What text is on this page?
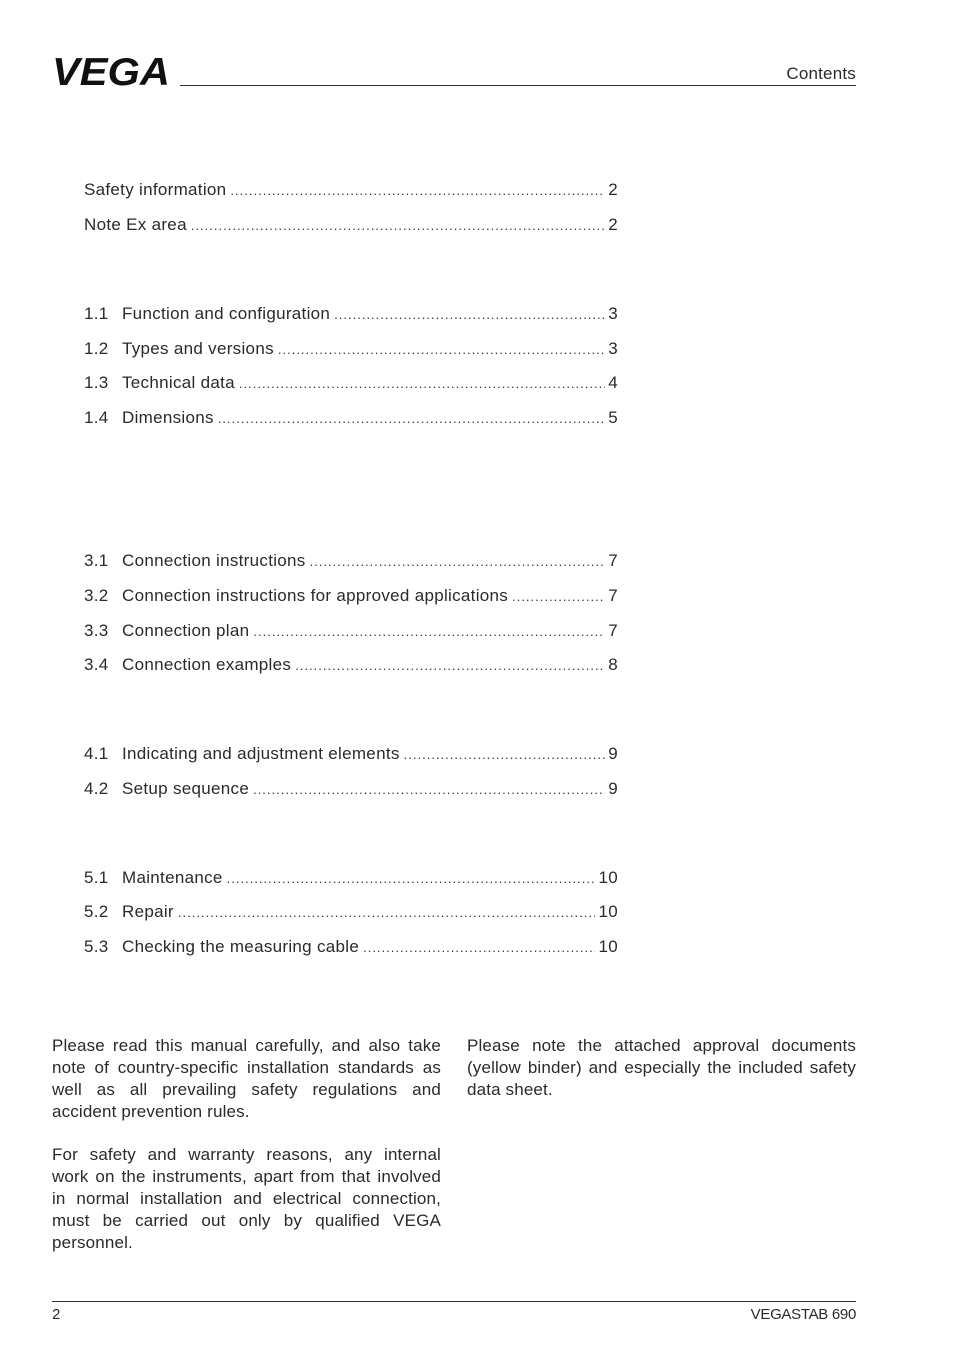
VEGA	Contents
Safety information .....	2
Note Ex area .....	2
1.1 Function and configuration .....	3
1.2 Types and versions .....	3
1.3 Technical data .....	4
1.4 Dimensions .....	5
3.1 Connection instructions .....	7
3.2 Connection instructions for approved applications .....	7
3.3 Connection plan .....	7
3.4 Connection examples .....	8
4.1 Indicating and adjustment elements .....	9
4.2 Setup sequence .....	9
5.1 Maintenance .....	10
5.2 Repair .....	10
5.3 Checking the measuring cable .....	10

Please read this manual carefully, and also take note of country-specific installation standards as well as all prevailing safety regulations and accident prevention rules.

For safety and warranty reasons, any internal work on the instruments, apart from that involved in normal installation and electrical connection, must be carried out only by qualified VEGA personnel.

Please note the attached approval documents (yellow binder) and especially the included safety data sheet.

2	VEGASTAB 690
